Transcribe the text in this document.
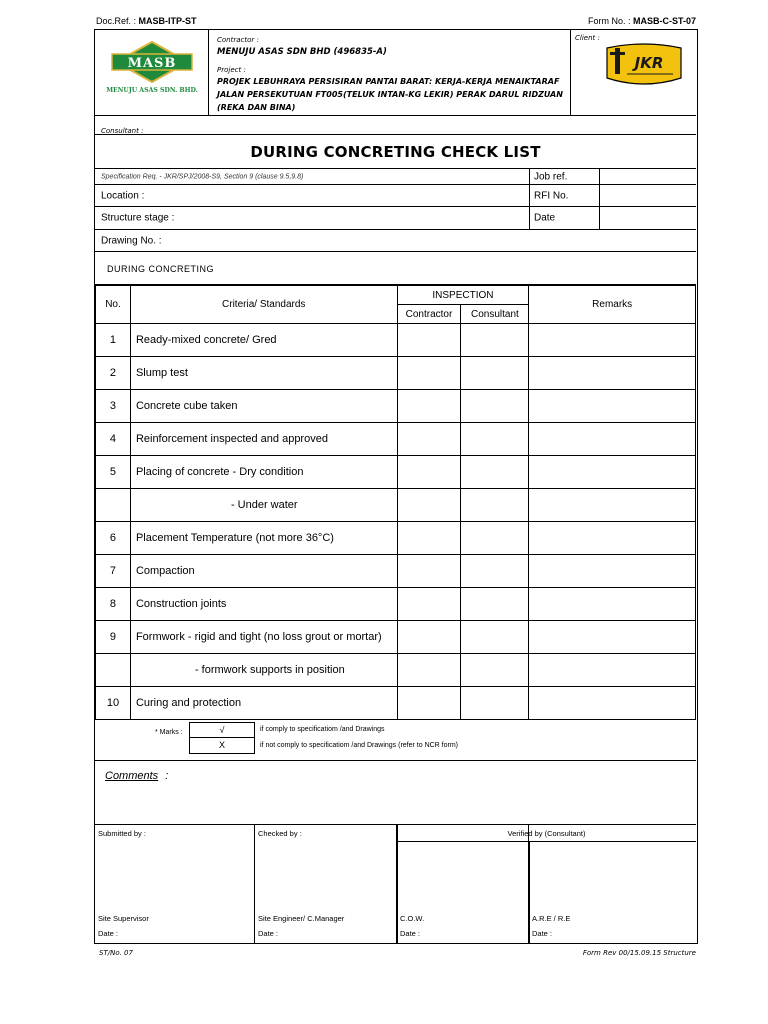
Doc.Ref. : MASB-ITP-ST	Form No. : MASB-C-ST-07
MASB
MENUJU ASAS SDN. BHD.
Contractor :
MENUJU ASAS SDN BHD (496835-A)
Project :
PROJEK LEBUHRAYA PERSISIRAN PANTAI BARAT: KERJA-KERJA MENAIKTARAF
JALAN PERSEKUTUAN FT005(TELUK INTAN-KG LEKIR) PERAK DARUL RIDZUAN
(REKA DAN BINA)
Client :
JKR
Consultant :
DURING CONCRETING CHECK LIST
Specification Req. - JKR/SPJ/2008-S9, Section 9 (clause 9.5,9.8)	Job ref.
Location :	RFI No.
Structure stage :	Date
Drawing No. :
DURING CONCRETING
No.	Criteria/ Standards	INSPECTION		Remarks
		Contractor	Consultant	
1	Ready-mixed concrete/ Gred			
2	Slump test			
3	Concrete cube taken			
4	Reinforcement inspected and approved			
5	Placing of concrete - Dry condition			
	- Under water			
6	Placement Temperature (not more 36°C)			
7	Compaction			
8	Construction joints			
9	Formwork - rigid and tight (no loss grout or mortar)			
	- formwork supports in position			
10	Curing and protection			
* Marks :	√
X
if comply to specificatiom /and Drawings
if not comply to specificatiom /and Drawings (refer to NCR form)
Comments :
Submitted by :
Site Supervisor
Date :
Checked by :
Site Engineer/ C.Manager
Date :
Verified by (Consultant)
C.O.W.
Date :
A.R.E / R.E
Date :
ST/No. 07	Form Rev 00/15.09.15 Structure
